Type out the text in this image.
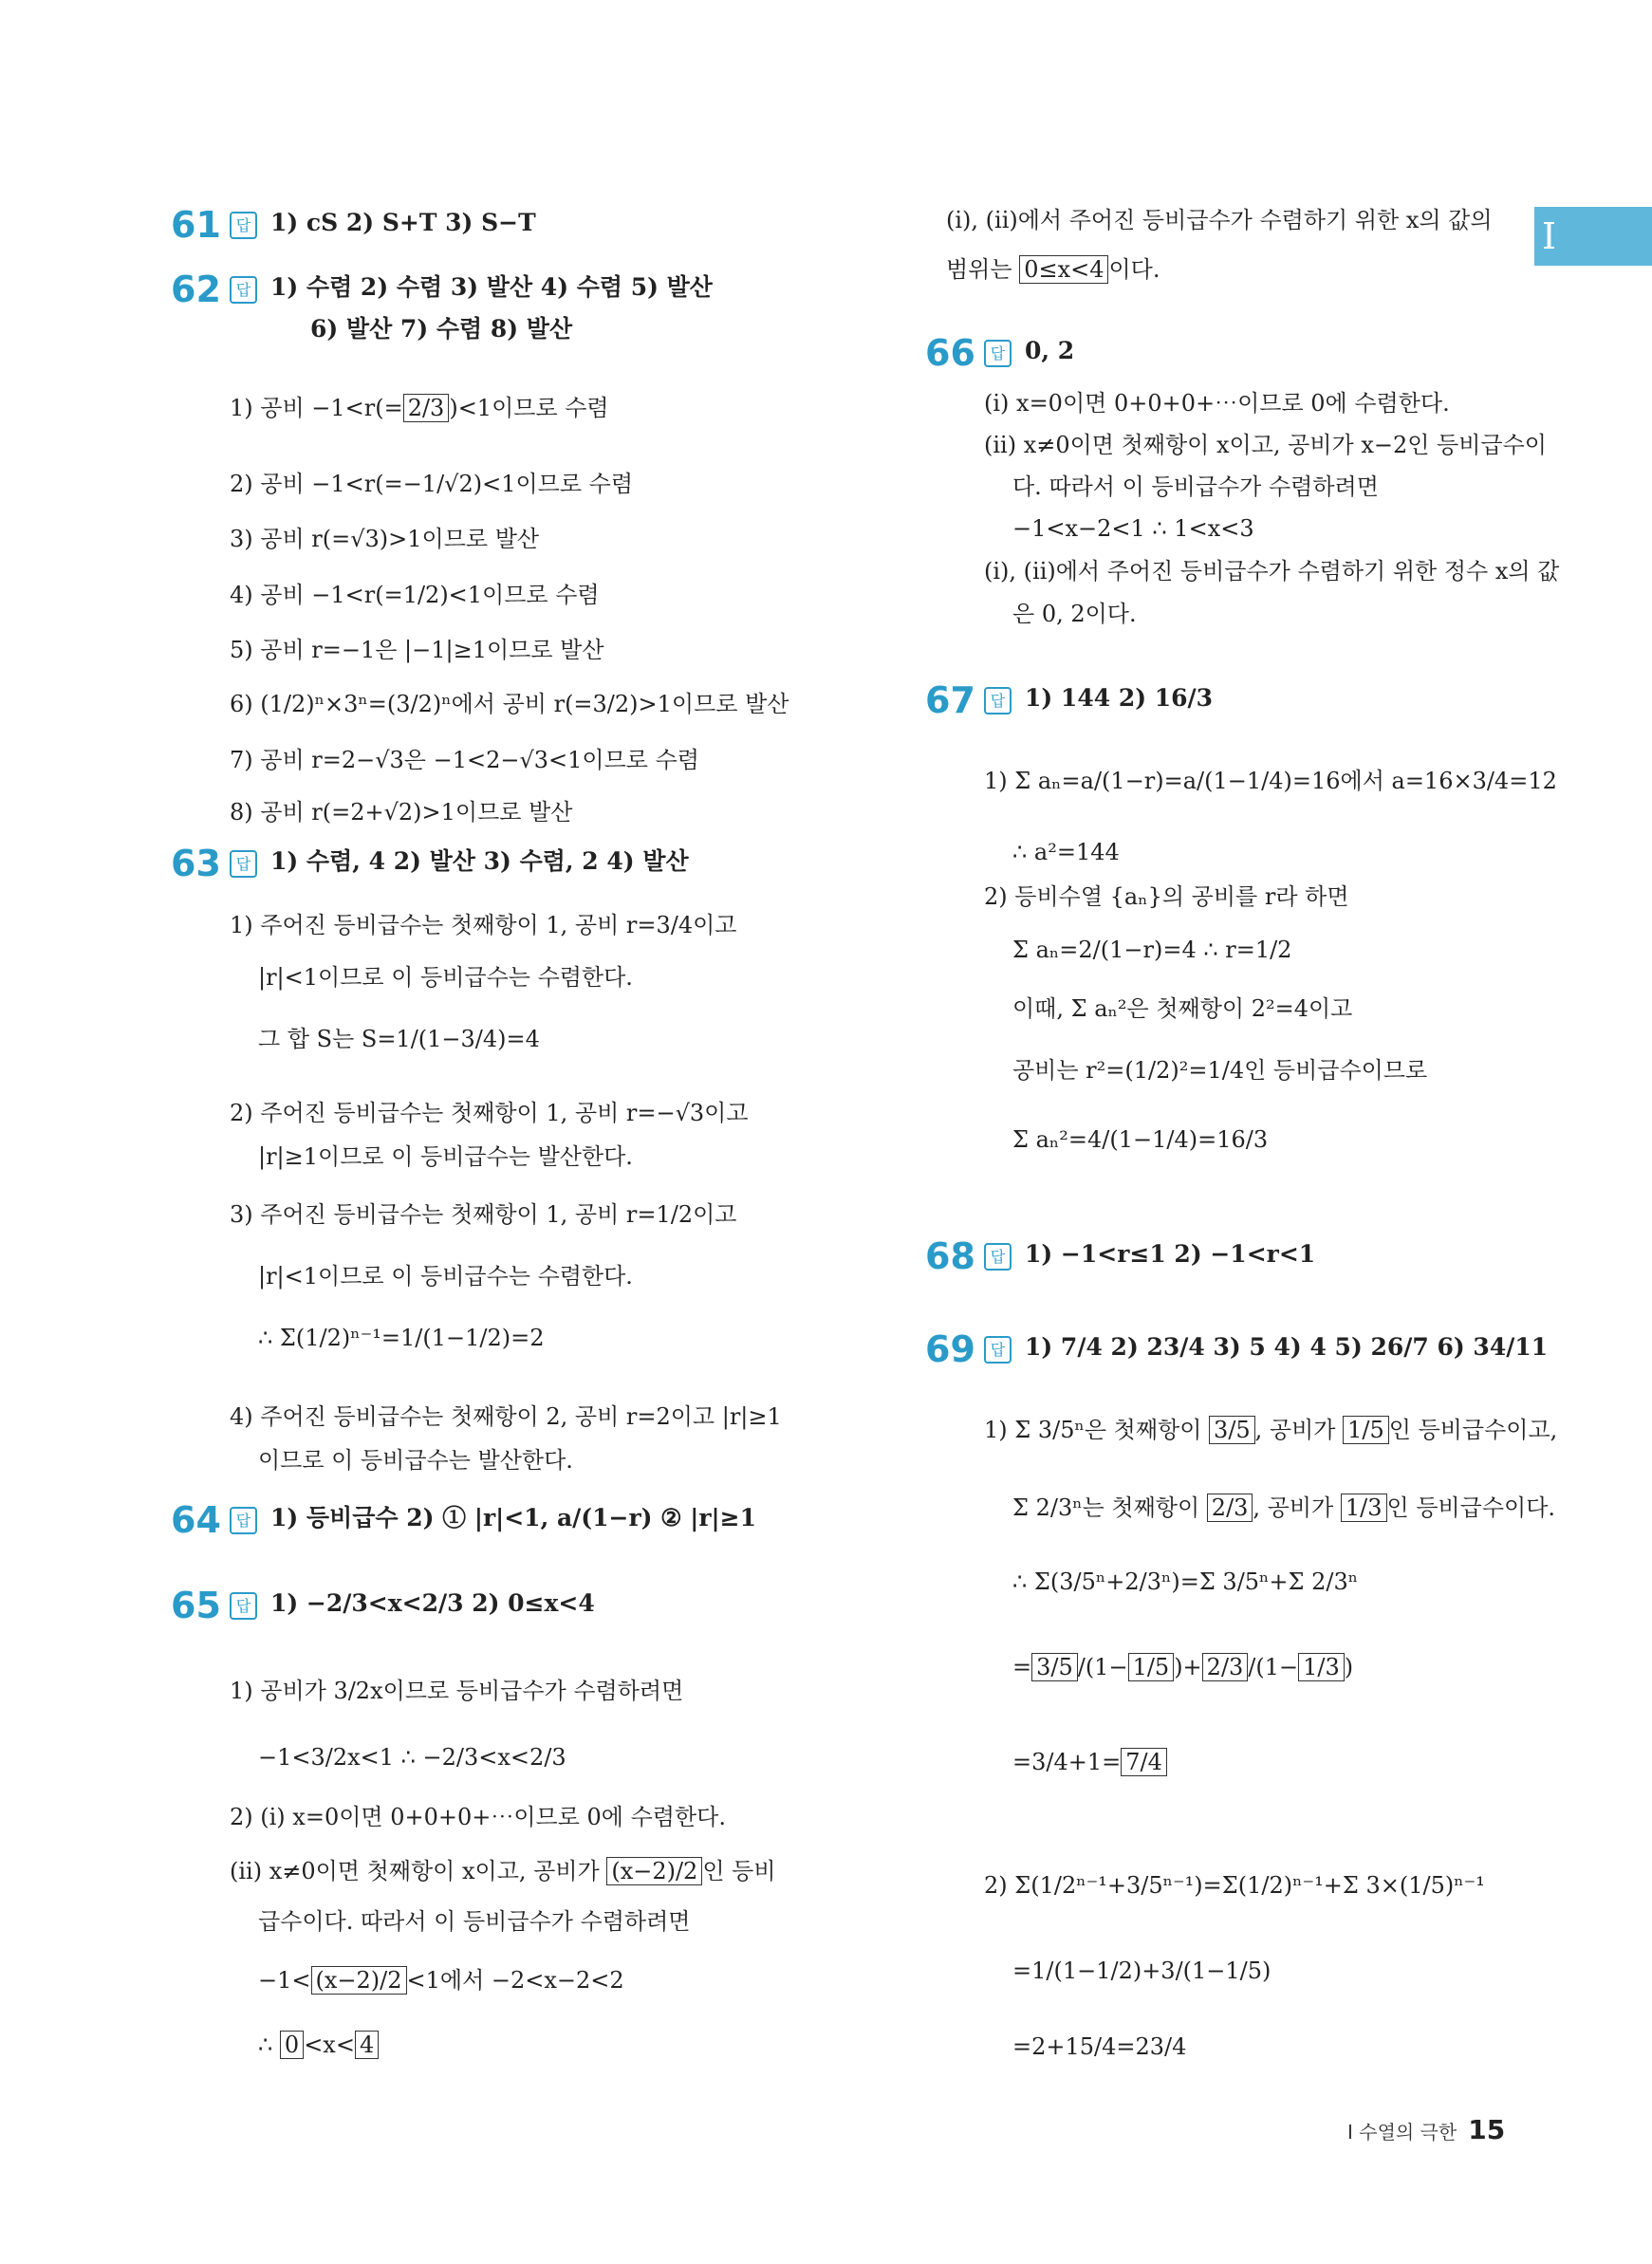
I
61 답 1) cS 2) S+T 3) S−T
62 답 1) 수렴 2) 수렴 3) 발산 4) 수렴 5) 발산
6) 발산 7) 수렴 8) 발산
1) 공비 −1<r(= 2/3 )<1이므로 수렴
2) 공비 −1<r(=−1/√2)<1이므로 수렴
3) 공비 r(=√3)>1이므로 발산
4) 공비 −1<r(=1/2)<1이므로 수렴
5) 공비 r=−1은 |−1|≥1이므로 발산
6) (1/2)ⁿ×3ⁿ=(3/2)ⁿ에서 공비 r(=3/2)>1이므로 발산
7) 공비 r=2−√3은 −1<2−√3<1이므로 수렴
8) 공비 r(=2+√2)>1이므로 발산
63 답 1) 수렴, 4 2) 발산 3) 수렴, 2 4) 발산
1) 주어진 등비급수는 첫째항이 1, 공비 r=3/4이고
|r|<1이므로 이 등비급수는 수렴한다.
그 합 S는 S=1/(1−3/4)=4
2) 주어진 등비급수는 첫째항이 1, 공비 r=−√3이고
|r|≥1이므로 이 등비급수는 발산한다.
3) 주어진 등비급수는 첫째항이 1, 공비 r=1/2이고
|r|<1이므로 이 등비급수는 수렴한다.
∴ Σ(1/2)ⁿ⁻¹=1/(1−1/2)=2
4) 주어진 등비급수는 첫째항이 2, 공비 r=2이고 |r|≥1
이므로 이 등비급수는 발산한다.
64 답 1) 등비급수 2) ① |r|<1, a/(1−r) ② |r|≥1
65 답 1) −2/3<x<2/3 2) 0≤x<4
1) 공비가 3/2x이므로 등비급수가 수렴하려면
−1<3/2x<1 ∴ −2/3<x<2/3
2) (i) x=0이면 0+0+0+⋯이므로 0에 수렴한다.
(ii) x≠0이면 첫째항이 x이고, 공비가 (x−2)/2 인 등비
급수이다. 따라서 이 등비급수가 수렴하려면
−1< (x−2)/2 <1에서 −2<x−2<2
∴ 0 <x< 4
(i), (ii)에서 주어진 등비급수가 수렴하기 위한 x의 값의
범위는 0≤x<4 이다.
66 답 0, 2
(i) x=0이면 0+0+0+⋯이므로 0에 수렴한다.
(ii) x≠0이면 첫째항이 x이고, 공비가 x−2인 등비급수이
다. 따라서 이 등비급수가 수렴하려면
−1<x−2<1 ∴ 1<x<3
(i), (ii)에서 주어진 등비급수가 수렴하기 위한 정수 x의 값
은 0, 2이다.
67 답 1) 144 2) 16/3
1) Σ aₙ=a/(1−r)=a/(1−1/4)=16에서 a=16×3/4=12
∴ a²=144
2) 등비수열 {aₙ}의 공비를 r라 하면
Σ aₙ=2/(1−r)=4 ∴ r=1/2
이때, Σ aₙ²은 첫째항이 2²=4이고
공비는 r²=(1/2)²=1/4인 등비급수이므로
Σ aₙ²=4/(1−1/4)=16/3
68 답 1) −1<r≤1 2) −1<r<1
69 답 1) 7/4 2) 23/4 3) 5 4) 4 5) 26/7 6) 34/11
1) Σ 3/5ⁿ은 첫째항이 3/5 , 공비가 1/5 인 등비급수이고,
Σ 2/3ⁿ는 첫째항이 2/3 , 공비가 1/3 인 등비급수이다.
∴ Σ(3/5ⁿ+2/3ⁿ)=Σ 3/5ⁿ+Σ 2/3ⁿ
= 3/5 /(1− 1/5 )+ 2/3 /(1− 1/3 )
=3/4+1= 7/4
2) Σ(1/2ⁿ⁻¹+3/5ⁿ⁻¹)=Σ(1/2)ⁿ⁻¹+Σ 3×(1/5)ⁿ⁻¹
=1/(1−1/2)+3/(1−1/5)
=2+15/4=23/4
I 수열의 극한 15
